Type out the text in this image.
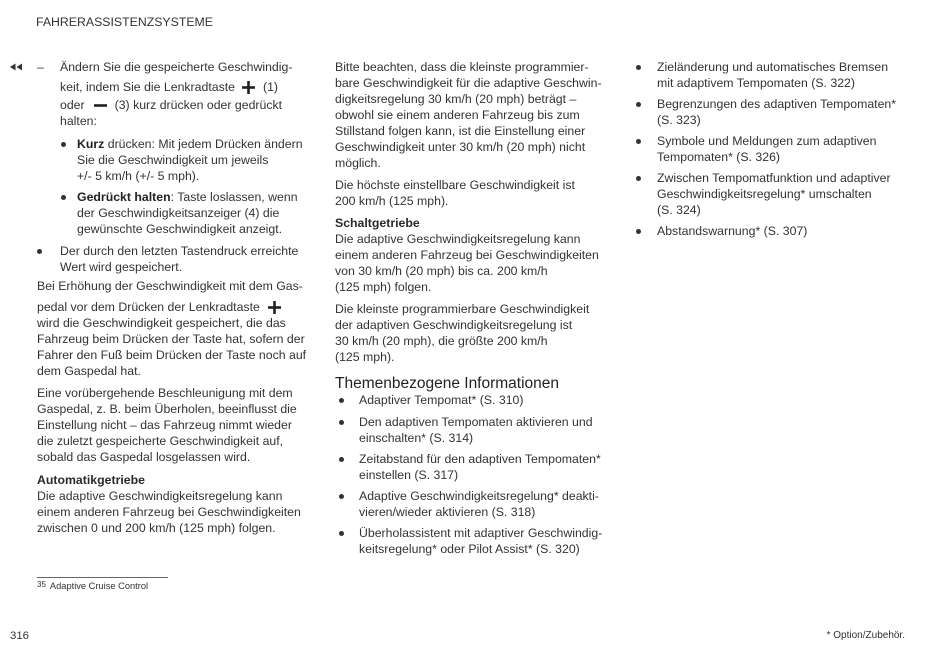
FAHRERASSISTENZSYSTEME
– Ändern Sie die gespeicherte Geschwindig-
keit, indem Sie die Lenkradtaste (1)
oder (3) kurz drücken oder gedrückt
halten:
Kurz drücken: Mit jedem Drücken ändern
Sie die Geschwindigkeit um jeweils
+/- 5 km/h (+/- 5 mph).
Gedrückt halten: Taste loslassen, wenn
der Geschwindigkeitsanzeiger (4) die
gewünschte Geschwindigkeit anzeigt.
Der durch den letzten Tastendruck erreichte
Wert wird gespeichert.
Bei Erhöhung der Geschwindigkeit mit dem Gas-
pedal vor dem Drücken der Lenkradtaste
wird die Geschwindigkeit gespeichert, die das
Fahrzeug beim Drücken der Taste hat, sofern der
Fahrer den Fuß beim Drücken der Taste noch auf
dem Gaspedal hat.
Eine vorübergehende Beschleunigung mit dem
Gaspedal, z. B. beim Überholen, beeinflusst die
Einstellung nicht – das Fahrzeug nimmt wieder
die zuletzt gespeicherte Geschwindigkeit auf,
sobald das Gaspedal losgelassen wird.
Automatikgetriebe
Die adaptive Geschwindigkeitsregelung kann
einem anderen Fahrzeug bei Geschwindigkeiten
zwischen 0 und 200 km/h (125 mph) folgen.
Bitte beachten, dass die kleinste programmier-
bare Geschwindigkeit für die adaptive Geschwin-
digkeitsregelung 30 km/h (20 mph) beträgt –
obwohl sie einem anderen Fahrzeug bis zum
Stillstand folgen kann, ist die Einstellung einer
Geschwindigkeit unter 30 km/h (20 mph) nicht
möglich.
Die höchste einstellbare Geschwindigkeit ist
200 km/h (125 mph).
Schaltgetriebe
Die adaptive Geschwindigkeitsregelung kann
einem anderen Fahrzeug bei Geschwindigkeiten
von 30 km/h (20 mph) bis ca. 200 km/h
(125 mph) folgen.
Die kleinste programmierbare Geschwindigkeit
der adaptiven Geschwindigkeitsregelung ist
30 km/h (20 mph), die größte 200 km/h
(125 mph).
Themenbezogene Informationen
Adaptiver Tempomat* (S. 310)
Den adaptiven Tempomaten aktivieren und
einschalten* (S. 314)
Zeitabstand für den adaptiven Tempomaten*
einstellen (S. 317)
Adaptive Geschwindigkeitsregelung* deakti-
vieren/wieder aktivieren (S. 318)
Überholassistent mit adaptiver Geschwindig-
keitsregelung* oder Pilot Assist* (S. 320)
Zieländerung und automatisches Bremsen
mit adaptivem Tempomaten (S. 322)
Begrenzungen des adaptiven Tempomaten*
(S. 323)
Symbole und Meldungen zum adaptiven
Tempomaten* (S. 326)
Zwischen Tempomatfunktion und adaptiver
Geschwindigkeitsregelung* umschalten
(S. 324)
Abstandswarnung* (S. 307)
35 Adaptive Cruise Control
316	* Option/Zubehör.
